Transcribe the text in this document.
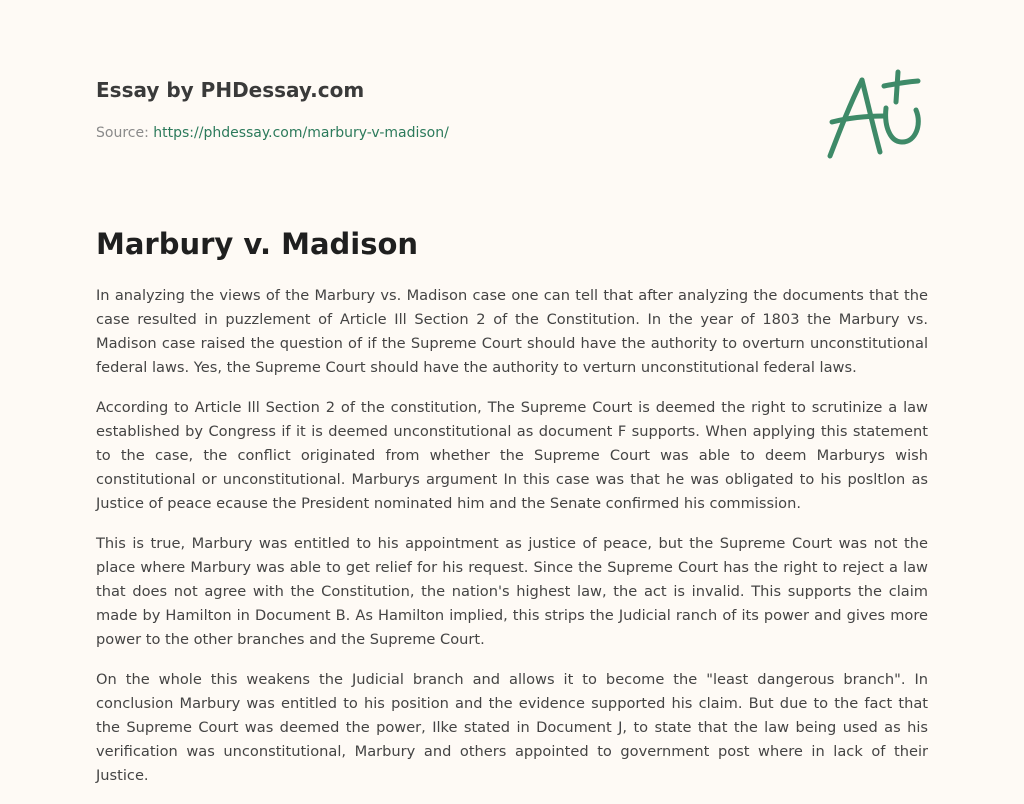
Essay by PHDessay.com

Source: https://phdessay.com/marbury-v-madison/

Marbury v. Madison

In analyzing the views of the Marbury vs. Madison case one can tell that after analyzing the documents that the case resulted in puzzlement of Article Ill Section 2 of the Constitution. In the year of 1803 the Marbury vs. Madison case raised the question of if the Supreme Court should have the authority to overturn unconstitutional federal laws. Yes, the Supreme Court should have the authority to verturn unconstitutional federal laws.

According to Article Ill Section 2 of the constitution, The Supreme Court is deemed the right to scrutinize a law established by Congress if it is deemed unconstitutional as document F supports. When applying this statement to the case, the conflict originated from whether the Supreme Court was able to deem Marburys wish constitutional or unconstitutional. Marburys argument In this case was that he was obligated to his posltlon as Justice of peace ecause the President nominated him and the Senate confirmed his commission.

This is true, Marbury was entitled to his appointment as justice of peace, but the Supreme Court was not the place where Marbury was able to get relief for his request. Since the Supreme Court has the right to reject a law that does not agree with the Constitution, the nation's highest law, the act is invalid. This supports the claim made by Hamilton in Document B. As Hamilton implied, this strips the Judicial ranch of its power and gives more power to the other branches and the Supreme Court.

On the whole this weakens the Judicial branch and allows it to become the "least dangerous branch". In conclusion Marbury was entitled to his position and the evidence supported his claim. But due to the fact that the Supreme Court was deemed the power, Ilke stated in Document J, to state that the law being used as his verification was unconstitutional, Marbury and others appointed to government post where in lack of their Justice.
